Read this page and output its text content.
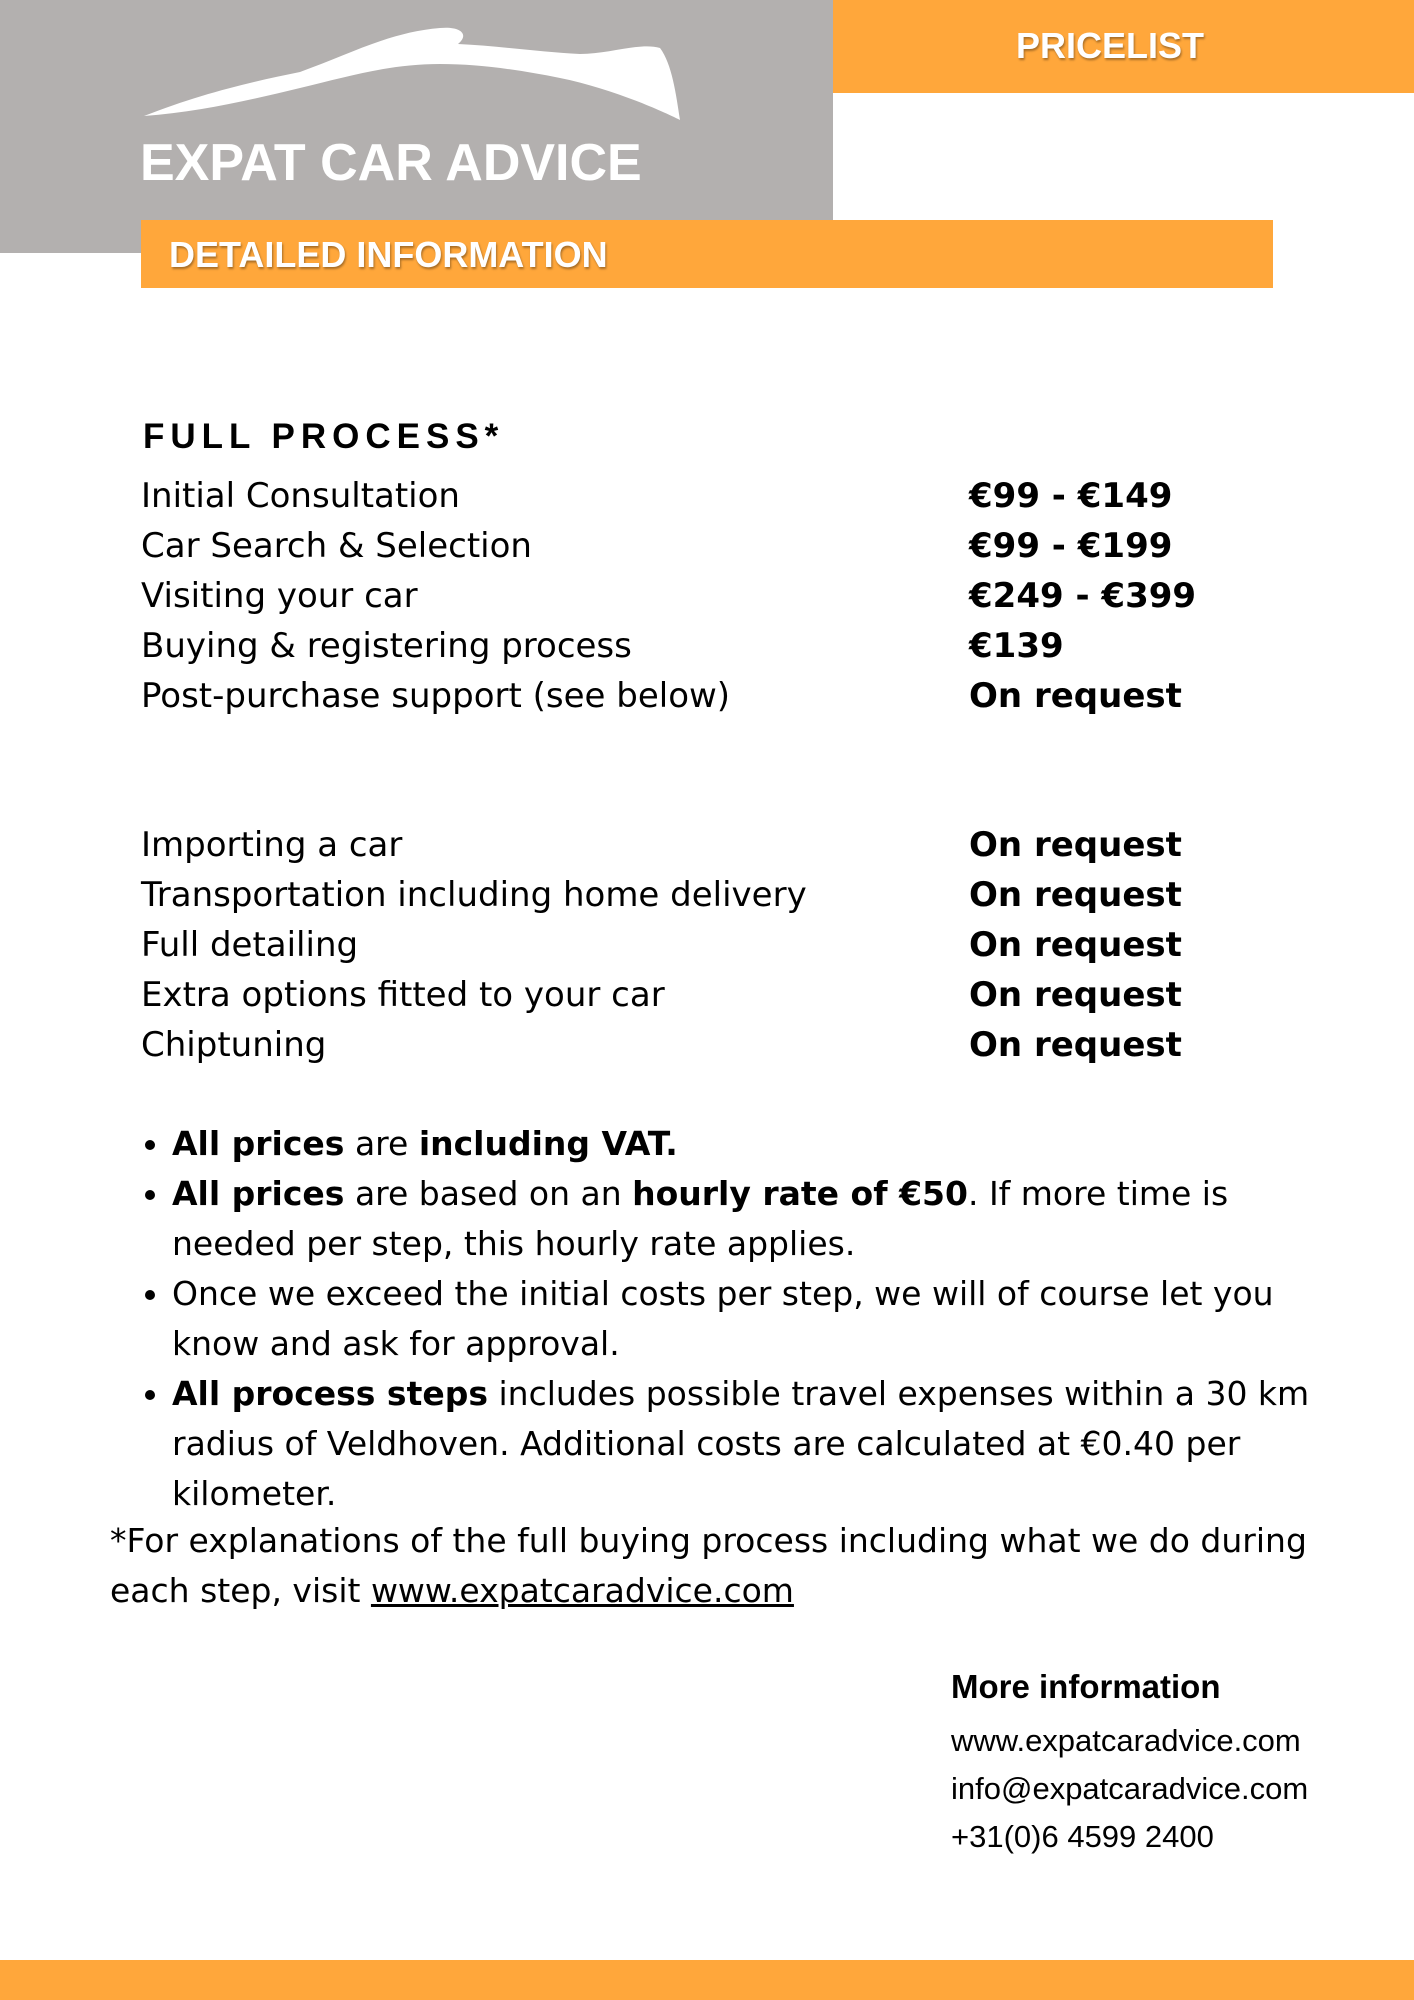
EXPAT CAR ADVICE
PRICELIST
DETAILED INFORMATION
FULL PROCESS*
Initial Consultation	€99 - €149
Car Search & Selection	€99 - €199
Visiting your car	€249 - €399
Buying & registering process	€139
Post-purchase support (see below)	On request
Importing a car	On request
Transportation including home delivery	On request
Full detailing	On request
Extra options fitted to your car	On request
Chiptuning	On request
• All prices are including VAT.
• All prices are based on an hourly rate of €50. If more time is needed per step, this hourly rate applies.
• Once we exceed the initial costs per step, we will of course let you know and ask for approval.
• All process steps includes possible travel expenses within a 30 km radius of Veldhoven. Additional costs are calculated at €0.40 per kilometer.
*For explanations of the full buying process including what we do during each step, visit www.expatcaradvice.com
More information
www.expatcaradvice.com
info@expatcaradvice.com
+31(0)6 4599 2400
